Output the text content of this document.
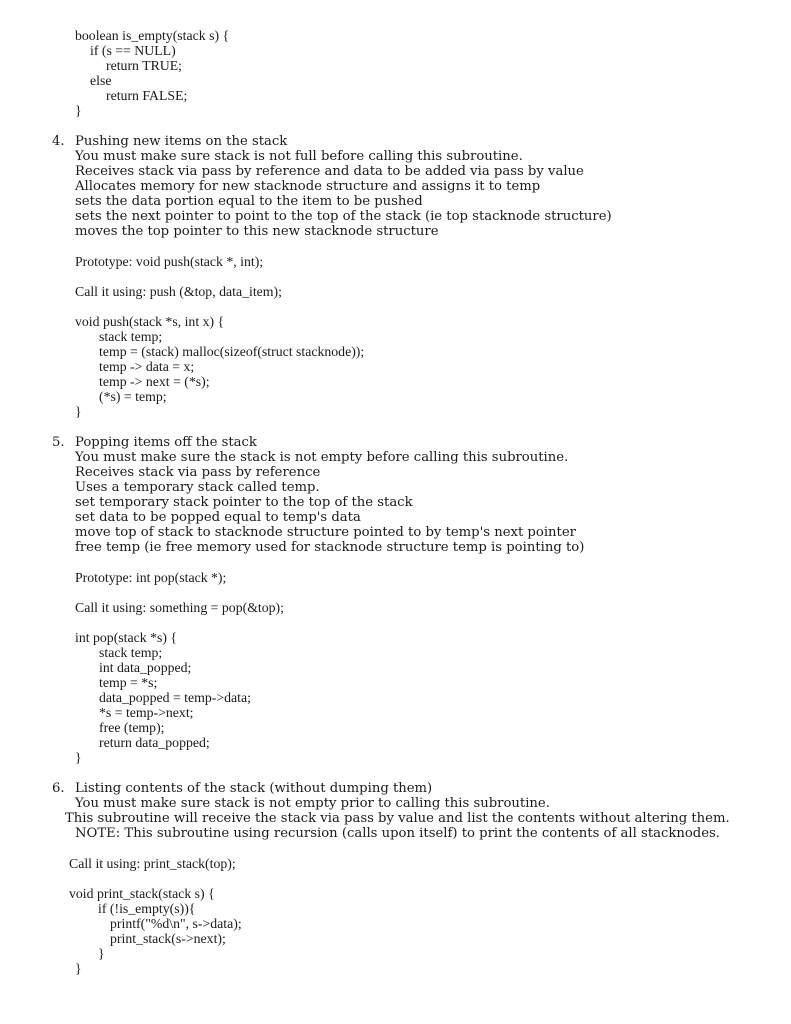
boolean is_empty(stack s) {
if (s == NULL)
return TRUE;
else
return FALSE;
}
4. Pushing new items on the stack
You must make sure stack is not full before calling this subroutine.
Receives stack via pass by reference and data to be added via pass by value
Allocates memory for new stacknode structure and assigns it to temp
sets the data portion equal to the item to be pushed
sets the next pointer to point to the top of the stack (ie top stacknode structure)
moves the top pointer to this new stacknode structure
Prototype: void push(stack *, int);
Call it using: push (&top, data_item);
void push(stack *s, int x) {
stack temp;
temp = (stack) malloc(sizeof(struct stacknode));
temp -> data = x;
temp -> next = (*s);
(*s) = temp;
}
5. Popping items off the stack
You must make sure the stack is not empty before calling this subroutine.
Receives stack via pass by reference
Uses a temporary stack called temp.
set temporary stack pointer to the top of the stack
set data to be popped equal to temp's data
move top of stack to stacknode structure pointed to by temp's next pointer
free temp (ie free memory used for stacknode structure temp is pointing to)
Prototype: int pop(stack *);
Call it using: something = pop(&top);
int pop(stack *s) {
stack temp;
int data_popped;
temp = *s;
data_popped = temp->data;
*s = temp->next;
free (temp);
return data_popped;
}
6. Listing contents of the stack (without dumping them)
You must make sure stack is not empty prior to calling this subroutine.
This subroutine will receive the stack via pass by value and list the contents without altering them.
NOTE: This subroutine using recursion (calls upon itself) to print the contents of all stacknodes.
Call it using: print_stack(top);
void print_stack(stack s) {
if (!is_empty(s)){
printf("%d\n", s->data);
print_stack(s->next);
}
}
